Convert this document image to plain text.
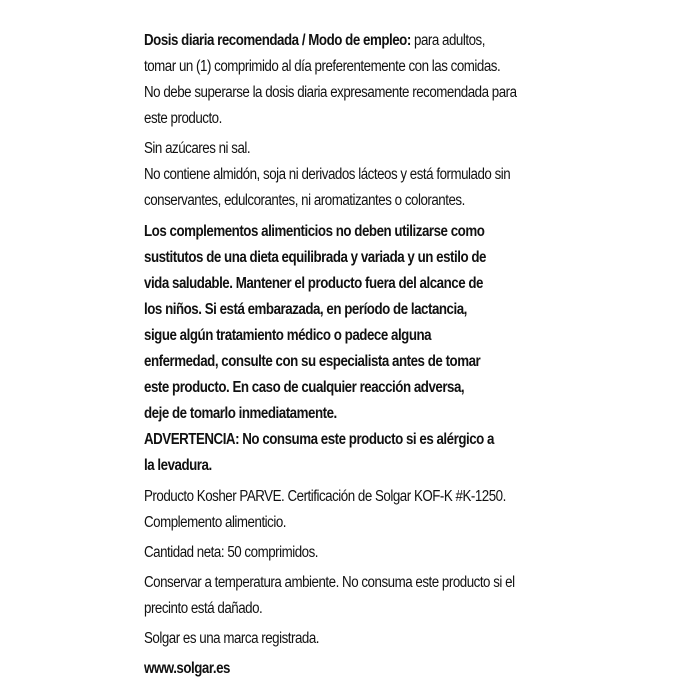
Dosis diaria recomendada / Modo de empleo: para adultos,
tomar un (1) comprimido al día preferentemente con las comidas.
No debe superarse la dosis diaria expresamente recomendada para
este producto.
Sin azúcares ni sal.
No contiene almidón, soja ni derivados lácteos y está formulado sin
conservantes, edulcorantes, ni aromatizantes o colorantes.
Los complementos alimenticios no deben utilizarse como
sustitutos de una dieta equilibrada y variada y un estilo de
vida saludable. Mantener el producto fuera del alcance de
los niños. Si está embarazada, en período de lactancia,
sigue algún tratamiento médico o padece alguna
enfermedad, consulte con su especialista antes de tomar
este producto. En caso de cualquier reacción adversa,
deje de tomarlo inmediatamente.
ADVERTENCIA: No consuma este producto si es alérgico a
la levadura.
Producto Kosher PARVE. Certificación de Solgar KOF-K #K-1250.
Complemento alimenticio.
Cantidad neta: 50 comprimidos.
Conservar a temperatura ambiente. No consuma este producto si el
precinto está dañado.
Solgar es una marca registrada.
www.solgar.es
